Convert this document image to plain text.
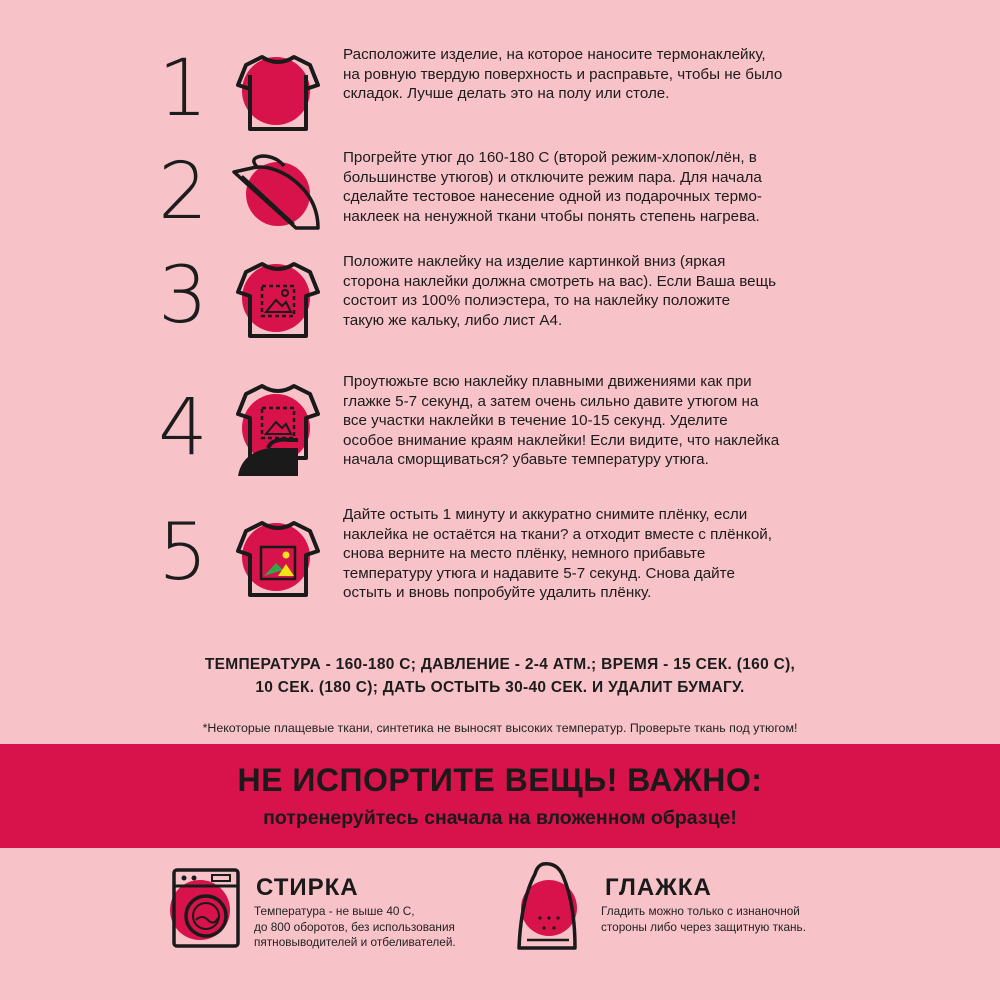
1	Расположите изделие, на которое наносите термонаклейку,
на ровную твердую поверхность и расправьте, чтобы не было
складок. Лучше делать это на полу или столе.
2	Прогрейте утюг до 160-180 С (второй режим-хлопок/лён, в
большинстве утюгов) и отключите режим пара. Для начала
сделайте тестовое нанесение одной из подарочных термо-
наклеек на ненужной ткани чтобы понять степень нагрева.
3	Положите наклейку на изделие картинкой вниз (яркая
сторона наклейки должна смотреть на вас). Если Ваша вещь
состоит из 100% полиэстера, то на наклейку положите
такую же кальку, либо лист А4.
4
Проутюжьте всю наклейку плавными движениями как при
глажке 5-7 секунд, а затем очень сильно давите утюгом на
все участки наклейки в течение 10-15 секунд. Уделите
особое внимание краям наклейки! Если видите, что наклейка
начала сморщиваться? убавьте температуру утюга.
5	Дайте остыть 1 минуту и аккуратно снимите плёнку, если
наклейка не остаётся на ткани? а отходит вместе с плёнкой,
снова верните на место плёнку, немного прибавьте
температуру утюга и надавите 5-7 секунд. Снова дайте
остыть и вновь попробуйте удалить плёнку.
ТЕМПЕРАТУРА - 160-180 С; ДАВЛЕНИЕ - 2-4 АТМ.; ВРЕМЯ - 15 СЕК. (160 С),
10 СЕК. (180 С); ДАТЬ ОСТЫТЬ 30-40 СЕК. И УДАЛИТ БУМАГУ.
*Некоторые плащевые ткани, синтетика не выносят высоких температур. Проверьте ткань под утюгом!
НЕ ИСПОРТИТЕ ВЕЩЬ! ВАЖНО:
потренеруйтесь сначала на вложенном образце!
СТИРКА
Температура - не выше 40 С,
до 800 оборотов, без использования
пятновыводителей и отбеливателей.
ГЛАЖКА
Гладить можно только с изнаночной
стороны либо через защитную ткань.
